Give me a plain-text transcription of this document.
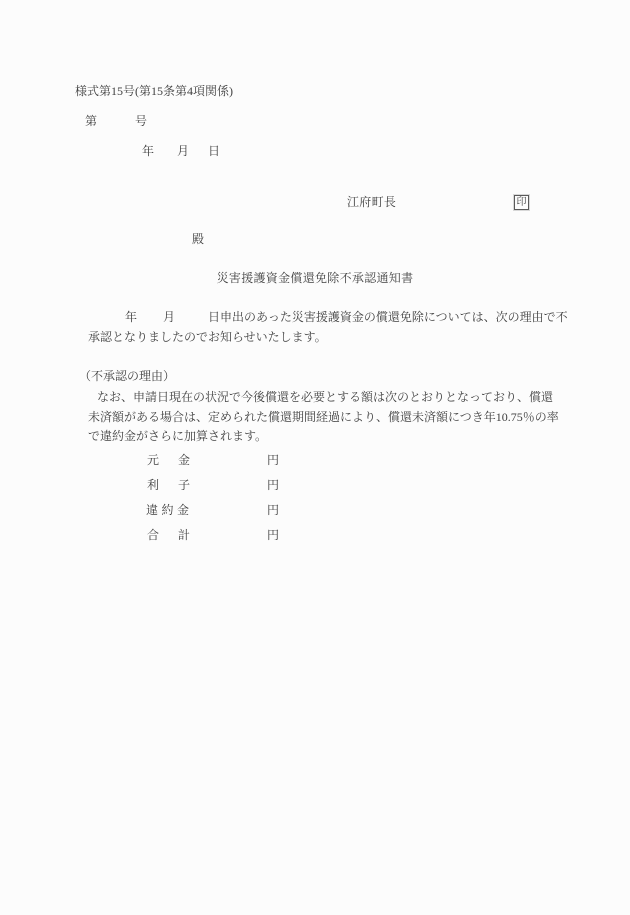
様式第15号(第15条第4項関係)
第	号
年 月 日
江府町長	印
殿
災害援護資金償還免除不承認通知書
年 月	日申出のあった災害援護資金の償還免除については、次の理由で不
承認となりましたのでお知らせいたします。
（不承認の理由）
なお、申請日現在の状況で今後償還を必要とする額は次のとおりとなっており、償還
未済額がある場合は、定められた償還期間経過により、償還未済額につき年10.75％の率
で違約金がさらに加算されます。
元　金	円
利　子	円
違約金	円
合　計	円
